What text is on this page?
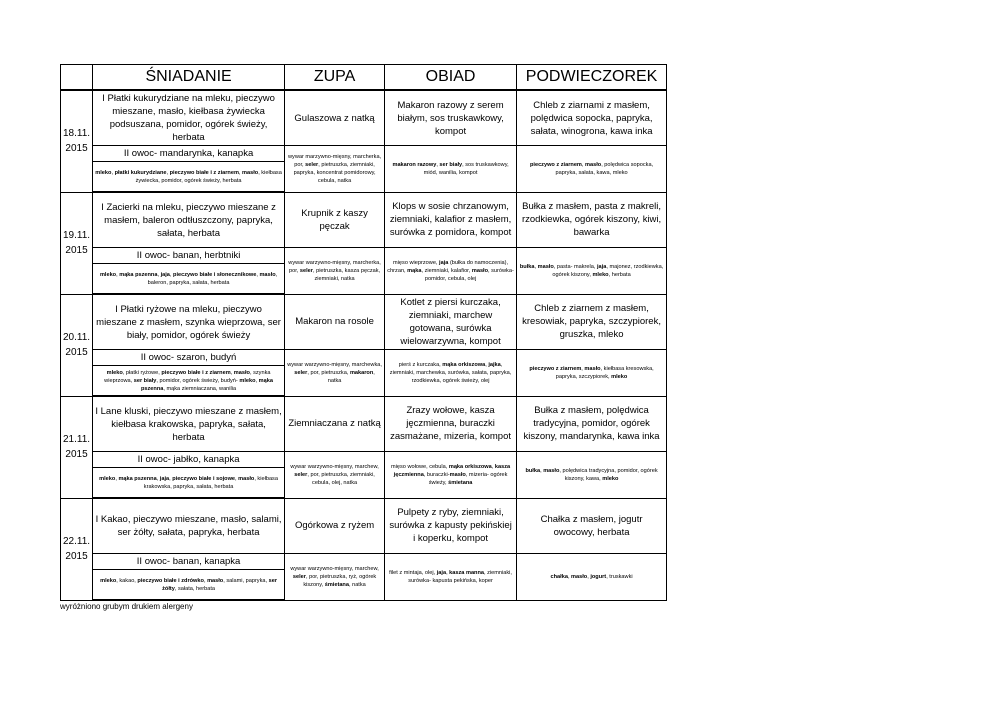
	ŚNIADANIE	ZUPA	OBIAD	PODWIECZOREK
18.11.
2015	I Płatki kukurydziane na mleku, pieczywo mieszane, masło, kiełbasa żywiecka podsuszana, pomidor, ogórek świeży, herbata	Gulaszowa z natką	Makaron razowy z serem białym, sos truskawkowy, kompot	Chleb z ziarnami z masłem, polędwica sopocka, papryka, sałata, winogrona, kawa inka
	II owoc- mandarynka, kanapka	wywar marzywno-mięsny, marcherka, por, seler, pietruszka, ziemniaki, papryka, koncentrat pomidorowy, cebula, natka	makaron razowy, ser biały, sos truskawkowy, miód, wanilia, kompot	pieczywo z ziarnem, masło, polędwica sopocka, papryka, sałata, kawa, mleko
	mleko, płatki kukurydziane, pieczywo białe i z ziarnem, masło, kiełbasa żywiecka, pomidor, ogórek świeży, herbata			
19.11.
2015	I Zacierki na mleku, pieczywo mieszane z masłem, baleron odtłuszczony, papryka, sałata, herbata	Krupnik z kaszy pęczak	Klops w sosie chrzanowym, ziemniaki, kalafior z masłem, surówka z pomidora, kompot	Bułka z masłem, pasta z makreli, rzodkiewka, ogórek kiszony, kiwi, bawarka
	II owoc- banan, herbtniki	wywar warzywno-mięsny, marcherka, por, seler, pietruszka, kasza pęczak, ziemniaki, natka	mięso wieprzowe, jaja (bułka do namoczenia), chrzan, mąka, ziemniaki, kalafior, masło, surówka-pomidor, cebula, olej	bułka, masło, pasta- makrela, jaja, majonez, rzodkiewka, ogórek kiszony, mleko, herbata
	mleko, mąka pszenna, jaja, pieczywo białe i słonecznikowe, masło, baleron, papryka, sałata, herbata			
20.11.
2015	I Płatki ryżowe na mleku, pieczywo mieszane z masłem, szynka wieprzowa, ser biały, pomidor, ogórek świeży	Makaron na rosole	Kotlet z piersi kurczaka, ziemniaki, marchew gotowana, surówka wielowarzywna, kompot	Chleb z ziarnem z masłem, kresowiak, papryka, szczypiorek, gruszka, mleko
	II owoc- szaron, budyń	wywar warzywno-mięsny, marchewka, seler, por, pietruszka, makaron, natka	pierś z kurczaka, mąka orkiszowa, jajka, ziemniaki, marchewka, surówka, sałata, papryka, rzodkiewka, ogórek świeży, olej	pieczywo z ziarnem, masło, kiełbasa kresowska, papryka, szczypiorek, mleko
	mleko, płatki ryżowe, pieczywo białe i z ziarnem, masło, szynka wieprzowa, ser biały, pomidor, ogórek świeży, budyń- mleko, mąka pszenna, mąka ziemniaczana, wanilia			
21.11.
2015	I Lane kluski, pieczywo mieszane z masłem, kiełbasa krakowska, papryka, sałata, herbata	Ziemniaczana z natką	Zrazy wołowe, kasza jęczmienna, buraczki zasmażane, mizeria, kompot	Bułka z masłem, polędwica tradycyjna, pomidor, ogórek kiszony, mandarynka, kawa inka
	II owoc- jabłko, kanapka	wywar warzywno-mięsny, marchew, seler, por, pietruszka, ziemniaki, cebula, olej, natka	mięso wołowe, cebula, mąka orkiszowa, kasza jęczmienna, buraczki-masło, mizeria- ogórek świeży, śmietana	bułka, masło, polędwica tradycyjna, pomidor, ogórek kiszony, kawa, mleko
	mleko, mąka pszenna, jaja, pieczywo białe i sojowe, masło, kiełbasa krakowska, papryka, sałata, herbata			
22.11.
2015	I Kakao, pieczywo mieszane, masło, salami, ser żółty, sałata, papryka, herbata	Ogórkowa z ryżem	Pulpety z ryby, ziemniaki, surówka z kapusty pekińskiej i koperku, kompot	Chałka z masłem, jogutr owocowy, herbata
	II owoc- banan, kanapka	wywar warzywno-mięsny, marchew, seler, por, pietruszka, ryż, ogórek kiszony, śmietana, natka	filet z mintaja, olej, jaja, kasza manna, ziemniaki, surówka- kapusta pekińska, koper	chałka, masło, jogurt, truskawki
	mleko, kakao, pieczywo białe i zdrówko, masło, salami, papryka, ser żółty, sałata, herbata			
wyróżniono grubym drukiem alergeny
